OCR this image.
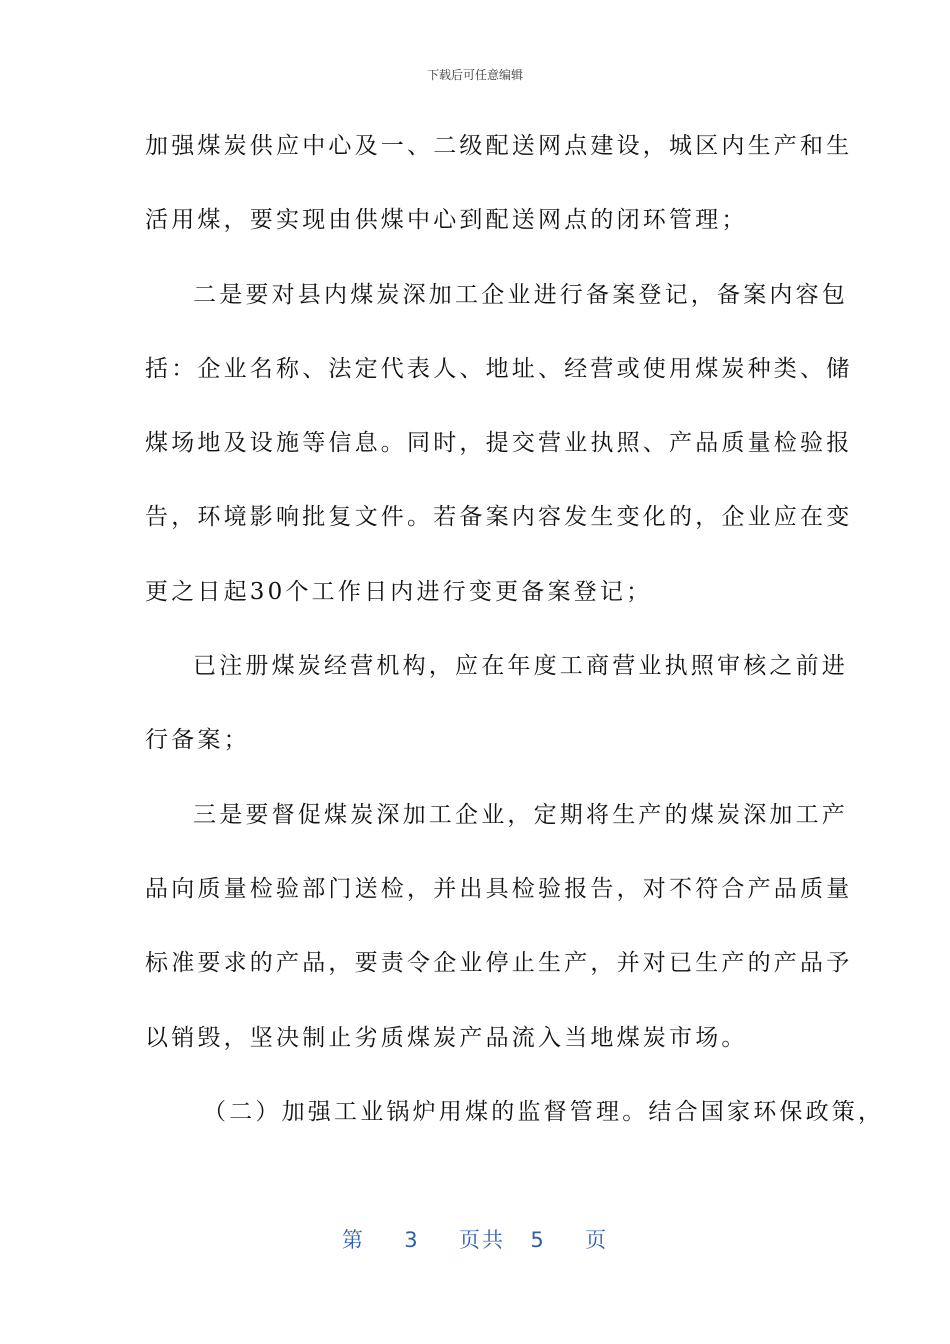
下载后可任意编辑
加强煤炭供应中心及一、二级配送网点建设，城区内生产和生
活用煤，要实现由供煤中心到配送网点的闭环管理；
二是要对县内煤炭深加工企业进行备案登记，备案内容包
括：企业名称、法定代表人、地址、经营或使用煤炭种类、储
煤场地及设施等信息。同时，提交营业执照、产品质量检验报
告，环境影响批复文件。若备案内容发生变化的，企业应在变
更之日起30个工作日内进行变更备案登记；
已注册煤炭经营机构，应在年度工商营业执照审核之前进
行备案；
三是要督促煤炭深加工企业，定期将生产的煤炭深加工产
品向质量检验部门送检，并出具检验报告，对不符合产品质量
标准要求的产品，要责令企业停止生产，并对已生产的产品予
以销毁，坚决制止劣质煤炭产品流入当地煤炭市场。
（二）加强工业锅炉用煤的监督管理。结合国家环保政策，
第 3 页共 5 页
